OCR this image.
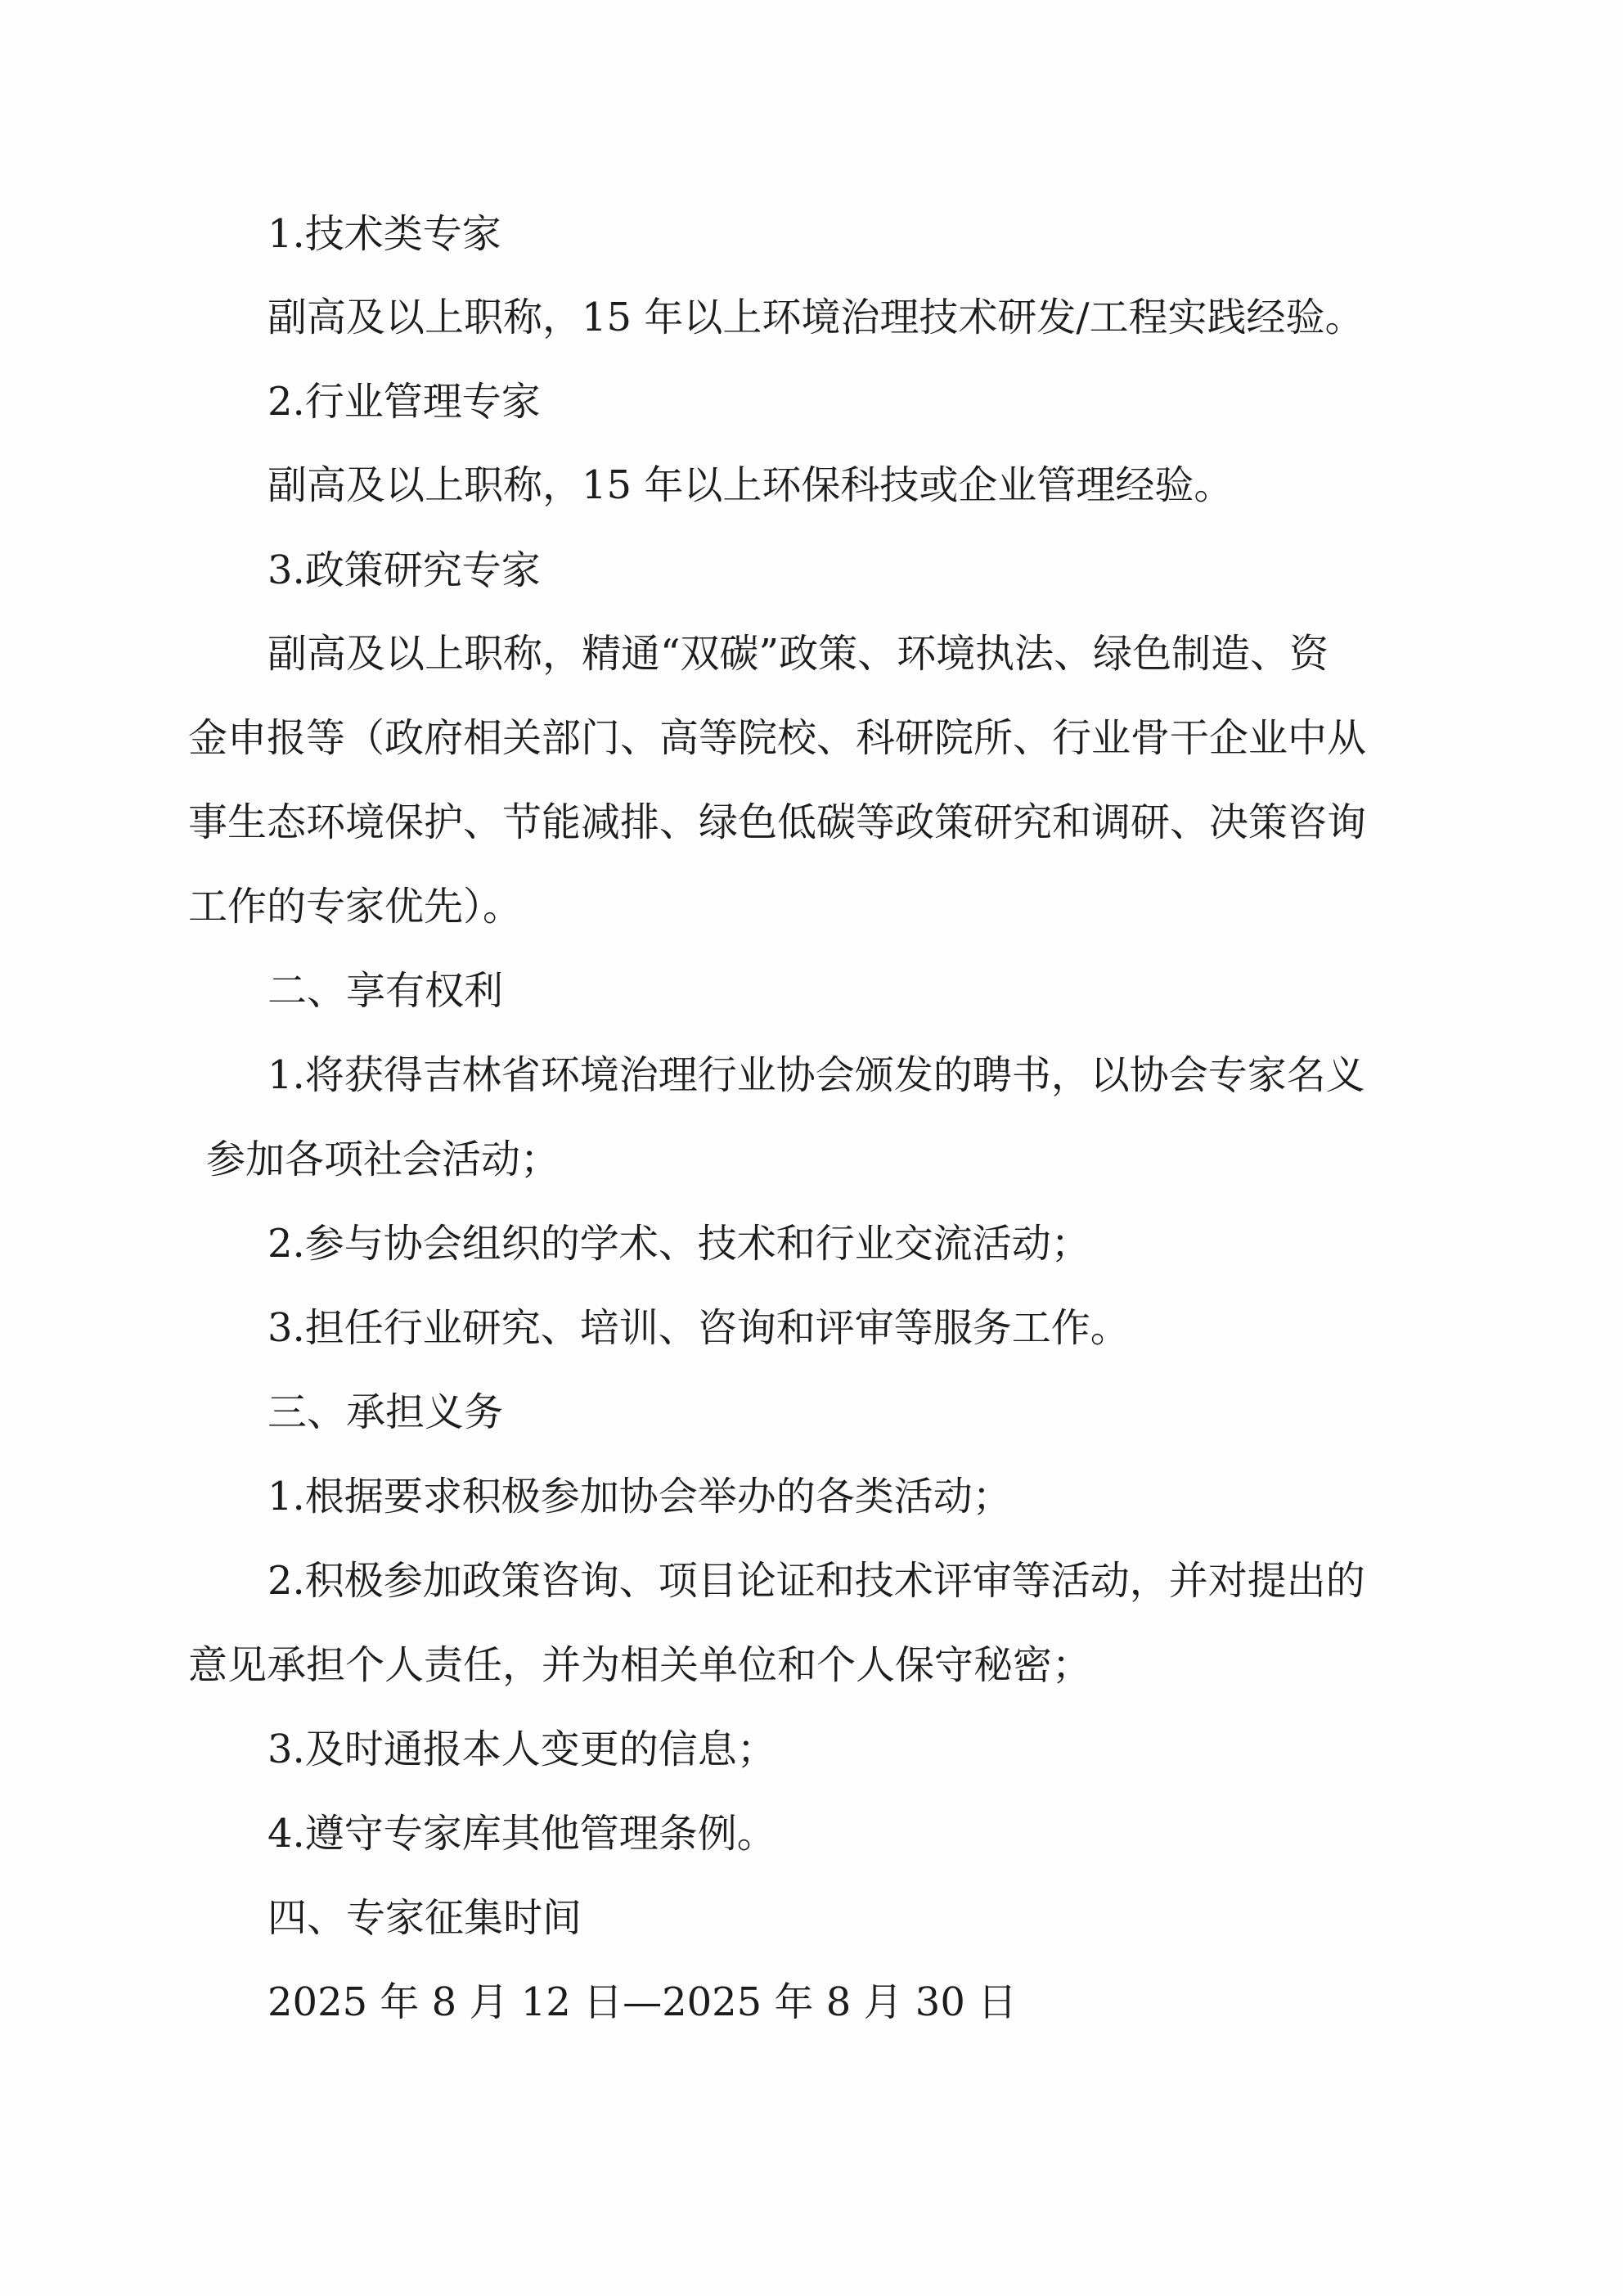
1.技术类专家

副高及以上职称，15 年以上环境治理技术研发/工程实践经验。

2.行业管理专家

副高及以上职称，15 年以上环保科技或企业管理经验。

3.政策研究专家

副高及以上职称，精通“双碳”政策、环境执法、绿色制造、资

金申报等（政府相关部门、高等院校、科研院所、行业骨干企业中从

事生态环境保护、节能减排、绿色低碳等政策研究和调研、决策咨询

工作的专家优先）。

二、享有权利

1.将获得吉林省环境治理行业协会颁发的聘书，以协会专家名义

参加各项社会活动；

2.参与协会组织的学术、技术和行业交流活动；

3.担任行业研究、培训、咨询和评审等服务工作。

三、承担义务

1.根据要求积极参加协会举办的各类活动；

2.积极参加政策咨询、项目论证和技术评审等活动，并对提出的

意见承担个人责任，并为相关单位和个人保守秘密；

3.及时通报本人变更的信息；

4.遵守专家库其他管理条例。

四、专家征集时间

2025 年 8 月 12 日—2025 年 8 月 30 日
